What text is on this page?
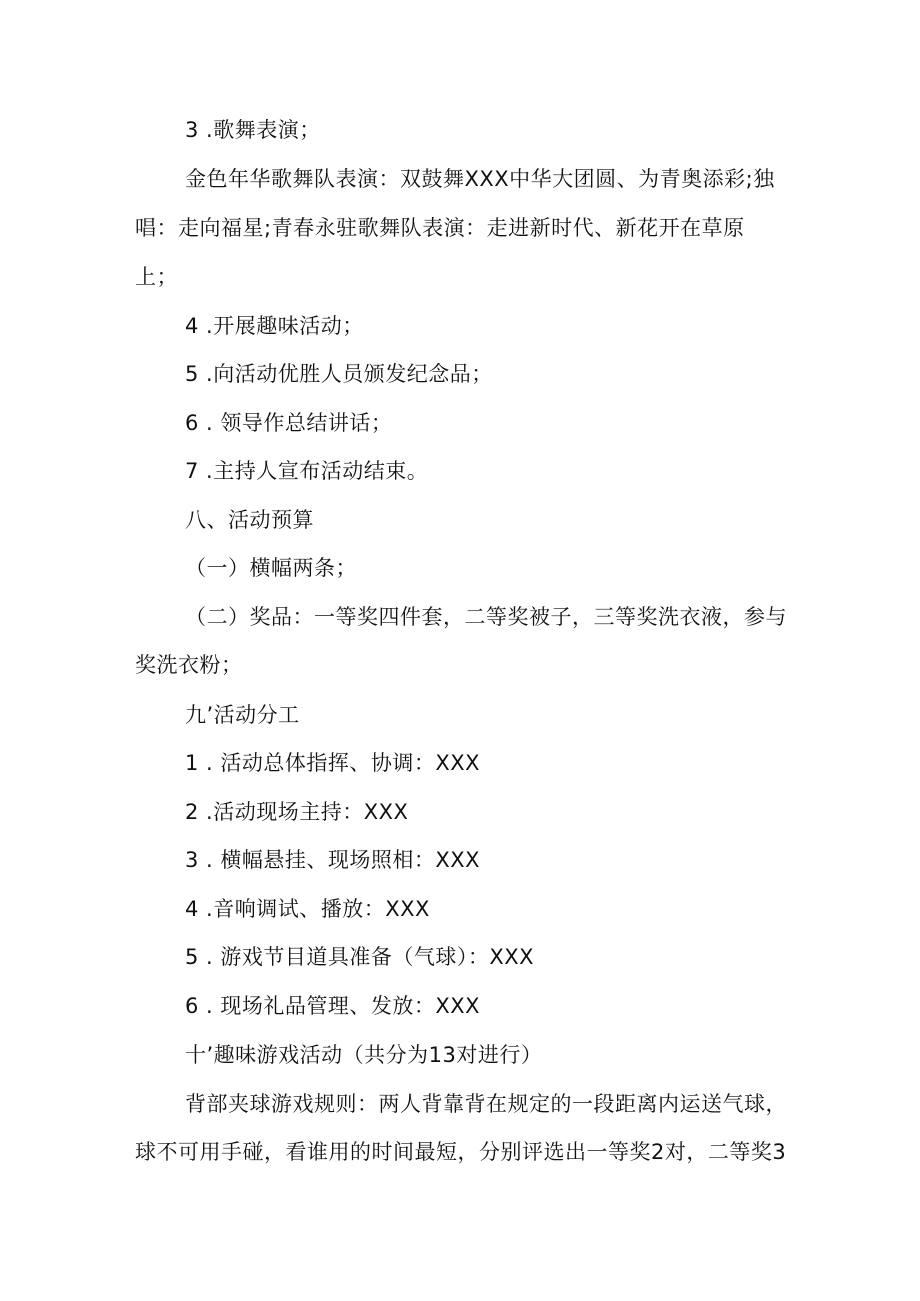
3 .歌舞表演；
金色年华歌舞队表演：双鼓舞XXX中华大团圆、为青奥添彩;独
唱：走向福星;青春永驻歌舞队表演：走进新时代、新花开在草原
上；
4 .开展趣味活动；
5 .向活动优胜人员颁发纪念品；
6 . 领导作总结讲话；
7 .主持人宣布活动结束。
八、活动预算
（一）横幅两条；
（二）奖品：一等奖四件套，二等奖被子，三等奖洗衣液，参与
奖洗衣粉；
九’活动分工
1 . 活动总体指挥、协调：XXX
2 .活动现场主持：XXX
3 . 横幅悬挂、现场照相：XXX
4 .音响调试、播放：XXX
5 . 游戏节目道具准备（气球）：XXX
6 . 现场礼品管理、发放：XXX
十’趣味游戏活动（共分为13对进行）
背部夹球游戏规则：两人背靠背在规定的一段距离内运送气球，
球不可用手碰，看谁用的时间最短，分别评选出一等奖2对，二等奖3
